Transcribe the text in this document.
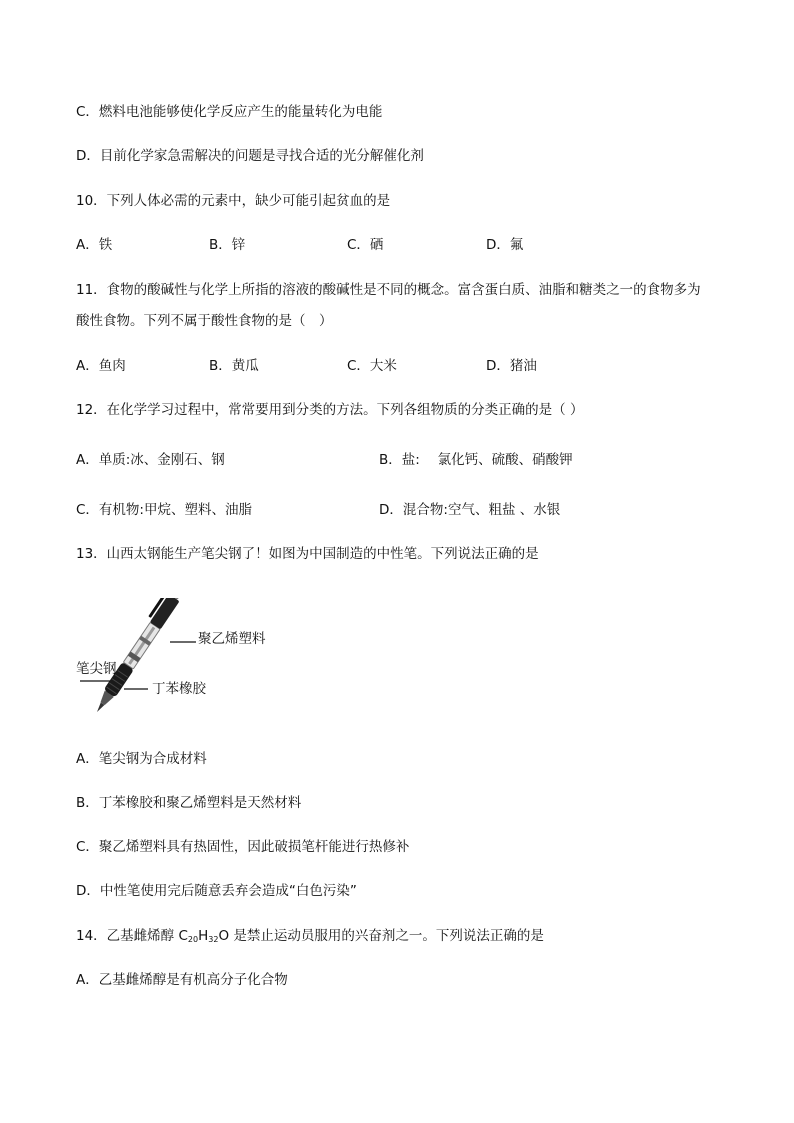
C．燃料电池能够使化学反应产生的能量转化为电能
D．目前化学家急需解决的问题是寻找合适的光分解催化剂
10．下列人体必需的元素中，缺少可能引起贫血的是
A．铁	B．锌	C．硒	D．氟
11．食物的酸碱性与化学上所指的溶液的酸碱性是不同的概念。富含蛋白质、油脂和糖类之一的食物多为
酸性食物。下列不属于酸性食物的是（　）
A．鱼肉	B．黄瓜	C．大米	D．猪油
12．在化学学习过程中，常常要用到分类的方法。下列各组物质的分类正确的是（ ）
A．单质:冰、金刚石、钢	B．盐:　 氯化钙、硫酸、硝酸钾
C．有机物:甲烷、塑料、油脂	D．混合物:空气、粗盐 、水银
13．山西太钢能生产笔尖钢了！如图为中国制造的中性笔。下列说法正确的是
聚乙烯塑料
笔尖钢
丁苯橡胶
A．笔尖钢为合成材料
B．丁苯橡胶和聚乙烯塑料是天然材料
C．聚乙烯塑料具有热固性，因此破损笔杆能进行热修补
D．中性笔使用完后随意丢弃会造成“白色污染”
14．乙基雌烯醇 $C_{20}H_{32}O$ 是禁止运动员服用的兴奋剂之一。下列说法正确的是
A．乙基雌烯醇是有机高分子化合物
